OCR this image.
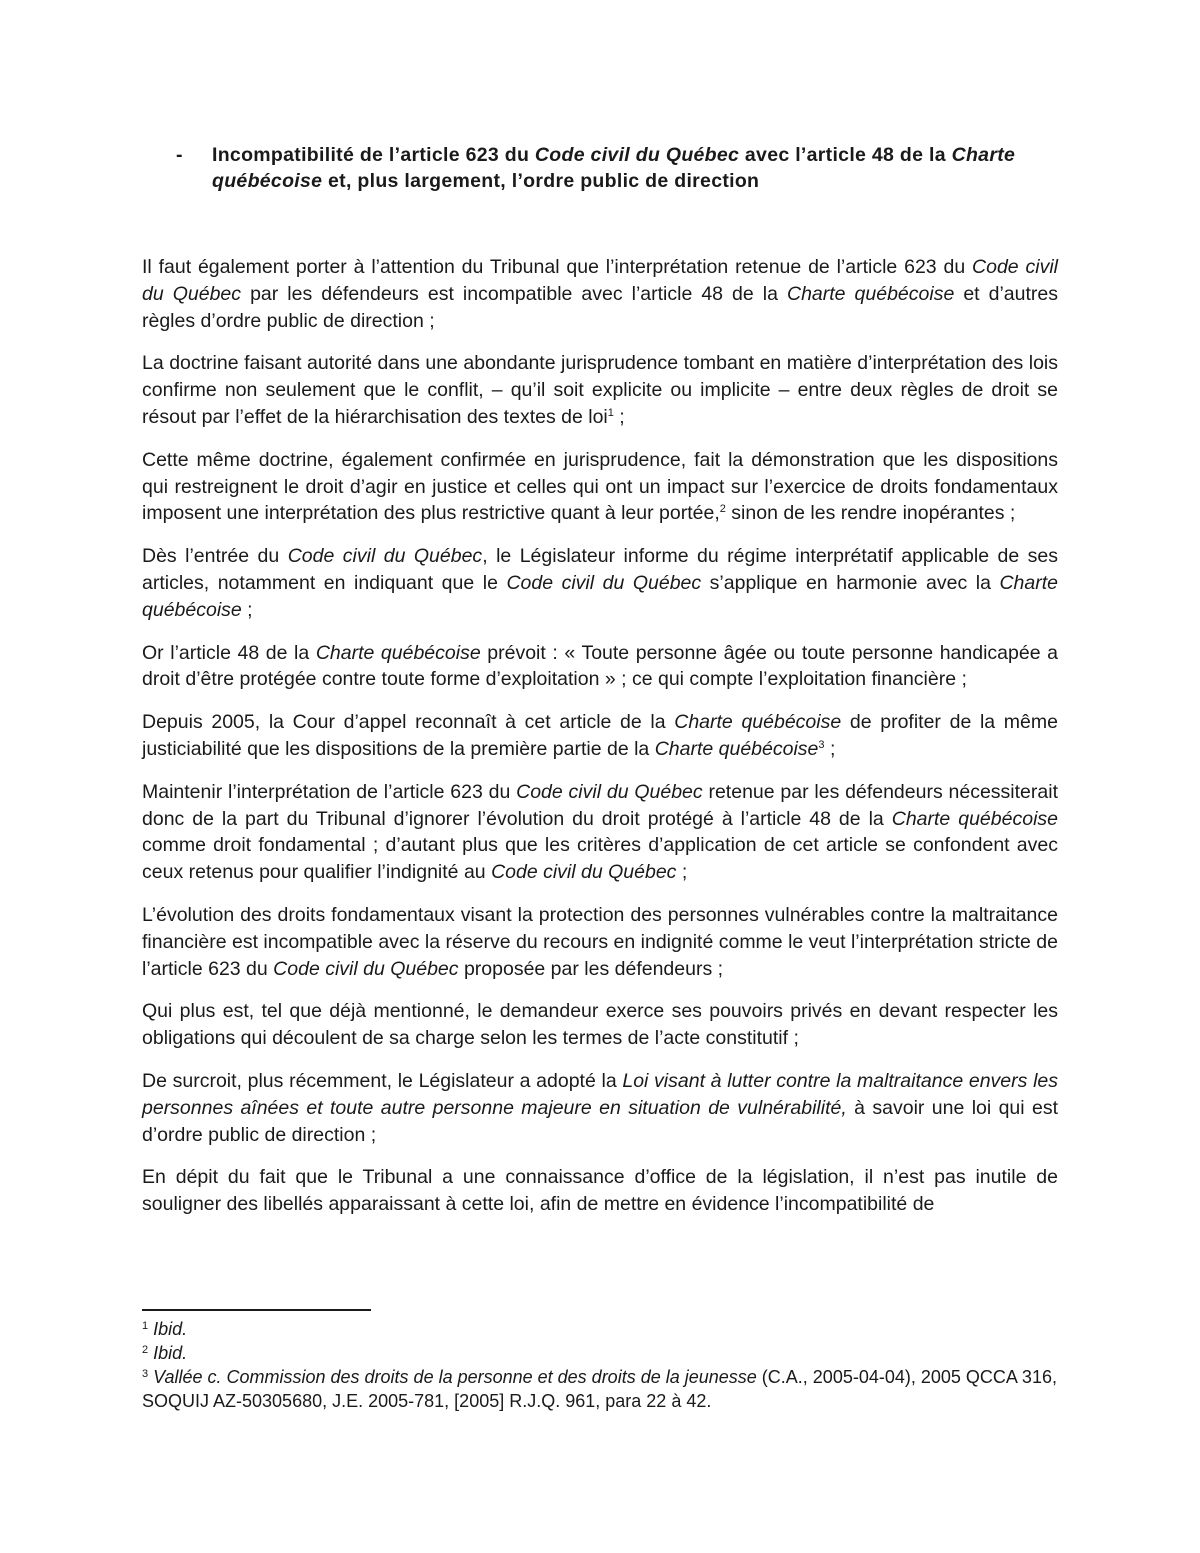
- Incompatibilité de l’article 623 du Code civil du Québec avec l’article 48 de la Charte québécoise et, plus largement, l’ordre public de direction

Il faut également porter à l’attention du Tribunal que l’interprétation retenue de l’article 623 du Code civil du Québec par les défendeurs est incompatible avec l’article 48 de la Charte québécoise et d’autres règles d’ordre public de direction ;

La doctrine faisant autorité dans une abondante jurisprudence tombant en matière d’interprétation des lois confirme non seulement que le conflit, – qu’il soit explicite ou implicite – entre deux règles de droit se résout par l’effet de la hiérarchisation des textes de loi$^1$ ;

Cette même doctrine, également confirmée en jurisprudence, fait la démonstration que les dispositions qui restreignent le droit d’agir en justice et celles qui ont un impact sur l’exercice de droits fondamentaux imposent une interprétation des plus restrictive quant à leur portée,$^2$ sinon de les rendre inopérantes ;

Dès l’entrée du Code civil du Québec, le Législateur informe du régime interprétatif applicable de ses articles, notamment en indiquant que le Code civil du Québec s’applique en harmonie avec la Charte québécoise ;

Or l’article 48 de la Charte québécoise prévoit : « Toute personne âgée ou toute personne handicapée a droit d’être protégée contre toute forme d’exploitation » ; ce qui compte l’exploitation financière ;

Depuis 2005, la Cour d’appel reconnaît à cet article de la Charte québécoise de profiter de la même justiciabilité que les dispositions de la première partie de la Charte québécoise$^3$ ;

Maintenir l’interprétation de l’article 623 du Code civil du Québec retenue par les défendeurs nécessiterait donc de la part du Tribunal d’ignorer l’évolution du droit protégé à l’article 48 de la Charte québécoise comme droit fondamental ; d’autant plus que les critères d’application de cet article se confondent avec ceux retenus pour qualifier l’indignité au Code civil du Québec ;

L’évolution des droits fondamentaux visant la protection des personnes vulnérables contre la maltraitance financière est incompatible avec la réserve du recours en indignité comme le veut l’interprétation stricte de l’article 623 du Code civil du Québec proposée par les défendeurs ;

Qui plus est, tel que déjà mentionné, le demandeur exerce ses pouvoirs privés en devant respecter les obligations qui découlent de sa charge selon les termes de l’acte constitutif ;

De surcroit, plus récemment, le Législateur a adopté la Loi visant à lutter contre la maltraitance envers les personnes aînées et toute autre personne majeure en situation de vulnérabilité, à savoir une loi qui est d’ordre public de direction ;

En dépit du fait que le Tribunal a une connaissance d’office de la législation, il n’est pas inutile de souligner des libellés apparaissant à cette loi, afin de mettre en évidence l’incompatibilité de

$^1$ Ibid.

$^2$ Ibid.

$^3$ Vallée c. Commission des droits de la personne et des droits de la jeunesse (C.A., 2005-04-04), 2005 QCCA 316, SOQUIJ AZ-50305680, J.E. 2005-781, [2005] R.J.Q. 961, para 22 à 42.
